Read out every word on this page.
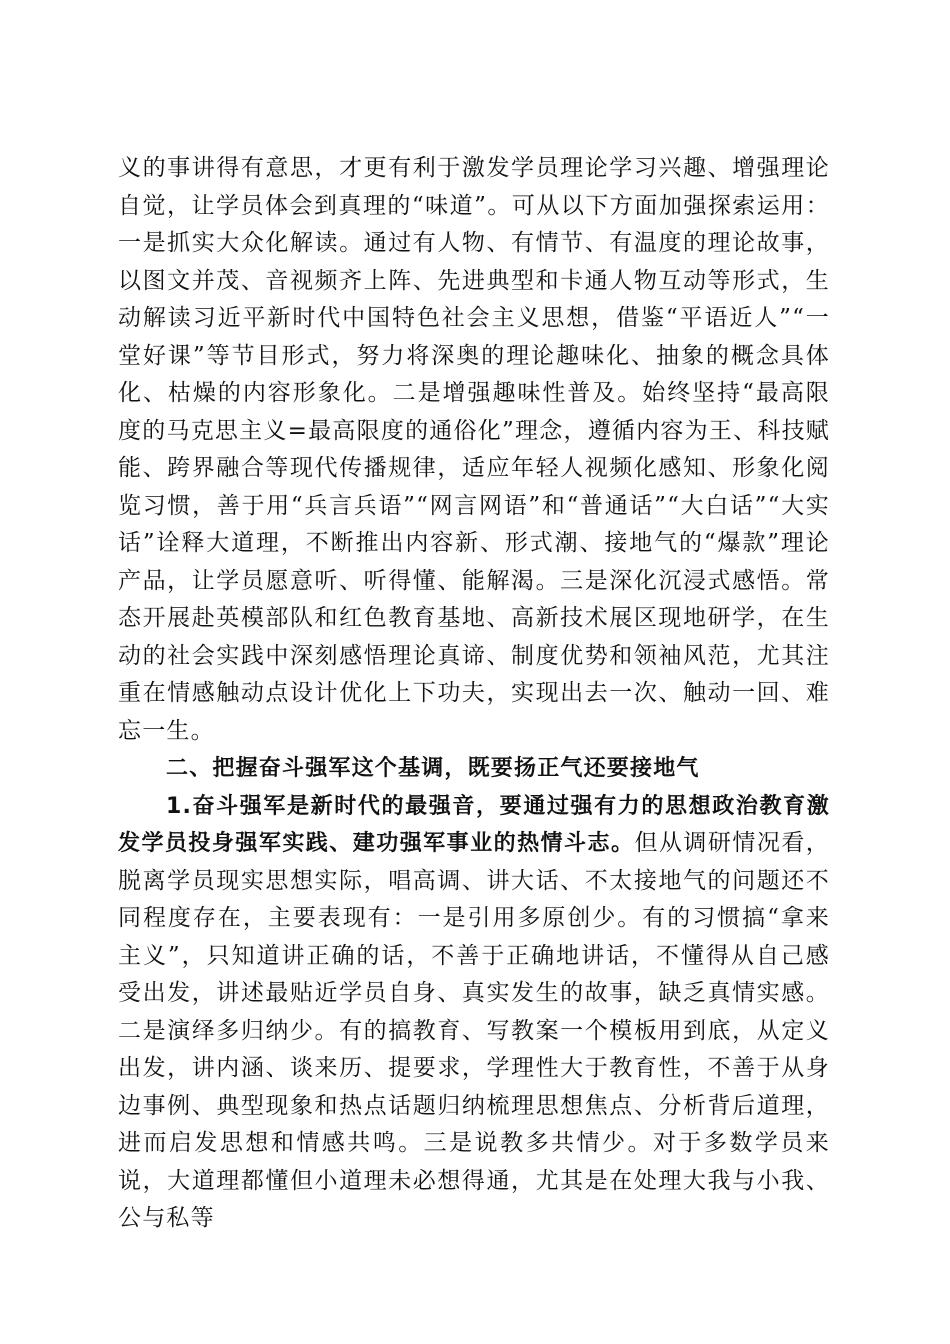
义的事讲得有意思，才更有利于激发学员理论学习兴趣、增强理论自觉，让学员体会到真理的“味道”。可从以下方面加强探索运用：一是抓实大众化解读。通过有人物、有情节、有温度的理论故事，以图文并茂、音视频齐上阵、先进典型和卡通人物互动等形式，生动解读习近平新时代中国特色社会主义思想，借鉴“平语近人”“一堂好课”等节目形式，努力将深奥的理论趣味化、抽象的概念具体化、枯燥的内容形象化。二是增强趣味性普及。始终坚持“最高限度的马克思主义=最高限度的通俗化”理念，遵循内容为王、科技赋能、跨界融合等现代传播规律，适应年轻人视频化感知、形象化阅览习惯，善于用“兵言兵语”“网言网语”和“普通话”“大白话”“大实话”诠释大道理，不断推出内容新、形式潮、接地气的“爆款”理论产品，让学员愿意听、听得懂、能解渴。三是深化沉浸式感悟。常态开展赴英模部队和红色教育基地、高新技术展区现地研学，在生动的社会实践中深刻感悟理论真谛、制度优势和领袖风范，尤其注重在情感触动点设计优化上下功夫，实现出去一次、触动一回、难忘一生。

二、把握奋斗强军这个基调，既要扬正气还要接地气

1.奋斗强军是新时代的最强音，要通过强有力的思想政治教育激发学员投身强军实践、建功强军事业的热情斗志。但从调研情况看，脱离学员现实思想实际，唱高调、讲大话、不太接地气的问题还不同程度存在，主要表现有：一是引用多原创少。有的习惯搞“拿来主义”，只知道讲正确的话，不善于正确地讲话，不懂得从自己感受出发，讲述最贴近学员自身、真实发生的故事，缺乏真情实感。二是演绎多归纳少。有的搞教育、写教案一个模板用到底，从定义出发，讲内涵、谈来历、提要求，学理性大于教育性，不善于从身边事例、典型现象和热点话题归纳梳理思想焦点、分析背后道理，进而启发思想和情感共鸣。三是说教多共情少。对于多数学员来说，大道理都懂但小道理未必想得通，尤其是在处理大我与小我、公与私等
